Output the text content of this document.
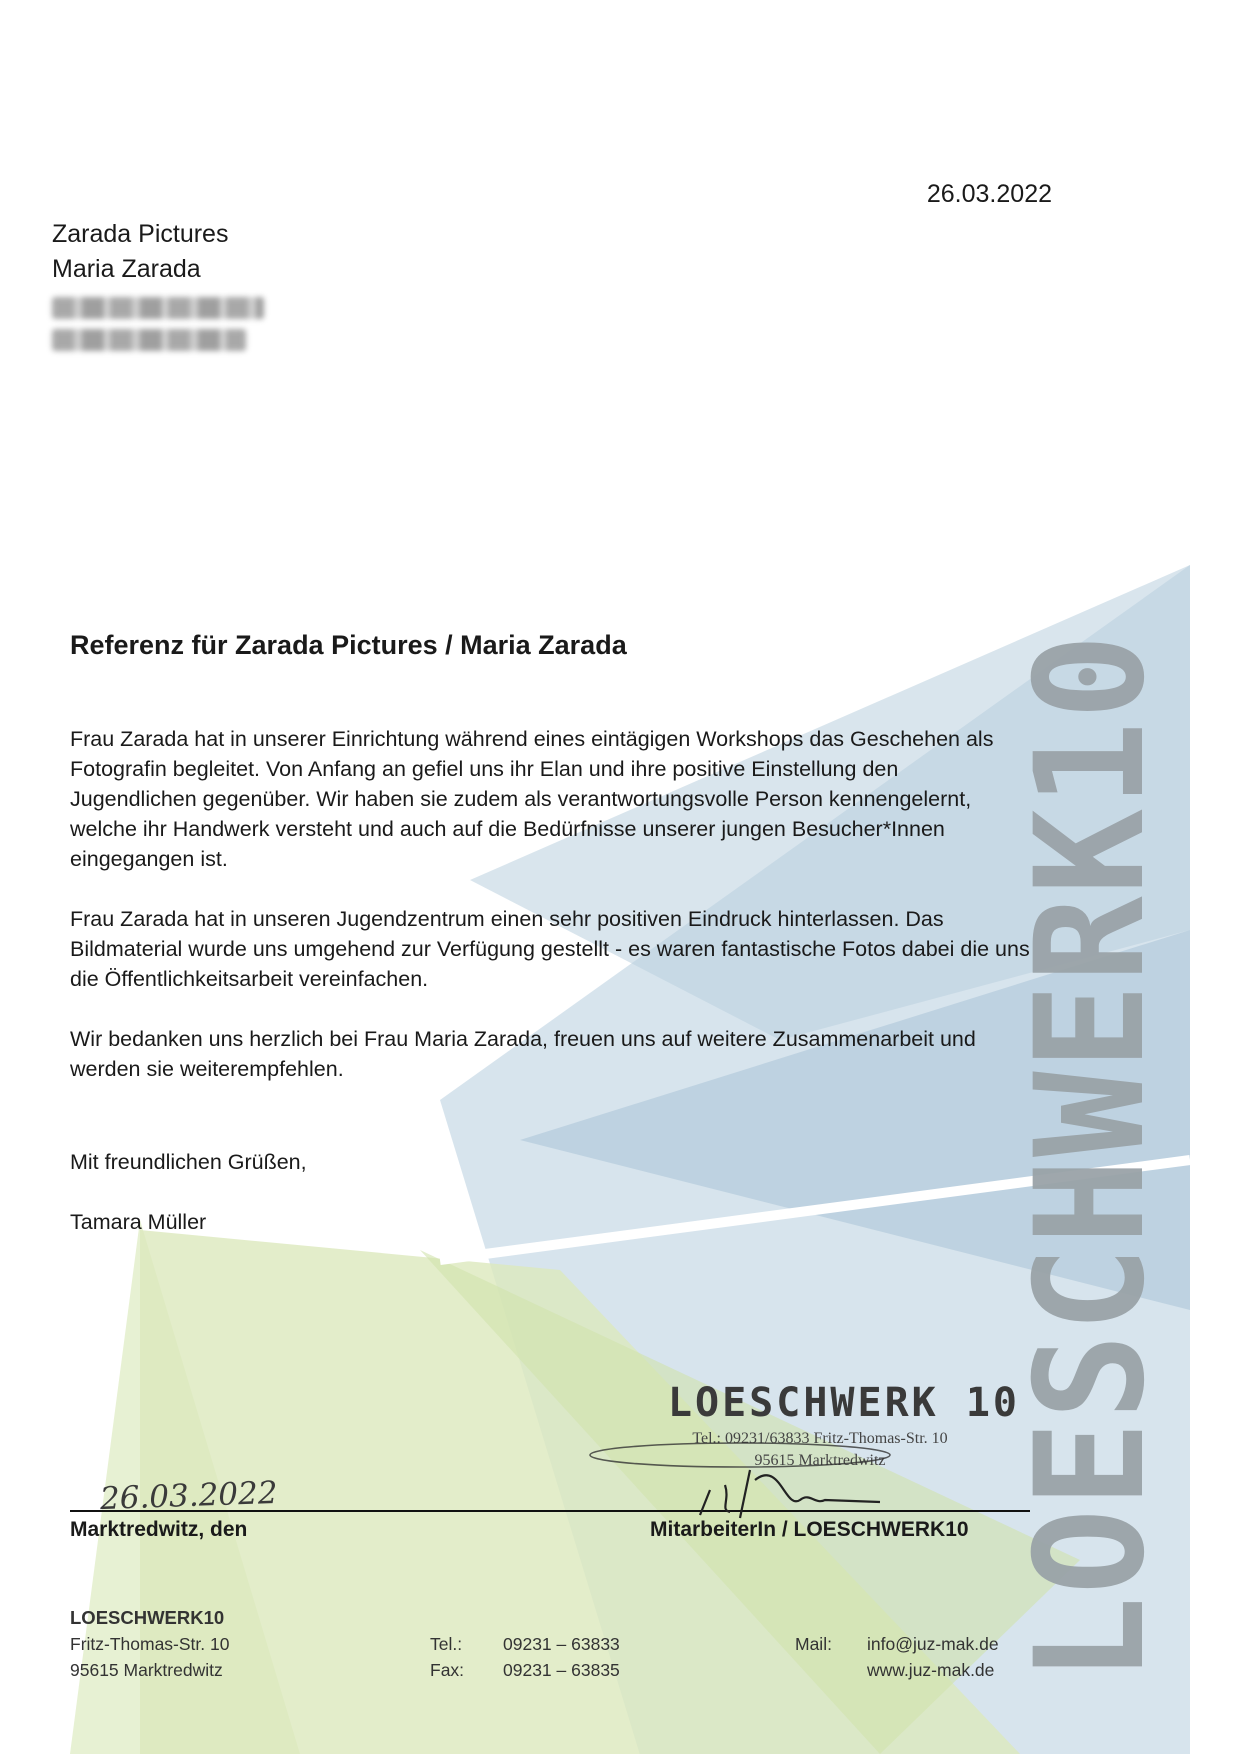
LOESCHWERK10
26.03.2022
Zarada Pictures
Maria Zarada
Referenz für Zarada Pictures / Maria Zarada

Frau Zarada hat in unserer Einrichtung während eines eintägigen Workshops das Geschehen als Fotografin begleitet. Von Anfang an gefiel uns ihr Elan und ihre positive Einstellung den Jugendlichen gegenüber. Wir haben sie zudem als verantwortungsvolle Person kennengelernt, welche ihr Handwerk versteht und auch auf die Bedürfnisse unserer jungen Besucher*Innen eingegangen ist.

Frau Zarada hat in unseren Jugendzentrum einen sehr positiven Eindruck hinterlassen. Das Bildmaterial wurde uns umgehend zur Verfügung gestellt - es waren fantastische Fotos dabei die uns die Öffentlichkeitsarbeit vereinfachen.

Wir bedanken uns herzlich bei Frau Maria Zarada, freuen uns auf weitere Zusammenarbeit und werden sie weiterempfehlen.

Mit freundlichen Grüßen,
Tamara Müller
LOESCHWERK 10
Tel.: 09231/63833 Fritz-Thomas-Str. 10
95615 Marktredwitz
26.03.2022
Marktredwitz, den	MitarbeiterIn / LOESCHWERK10
LOESCHWERK10
Fritz-Thomas-Str. 10
95615 Marktredwitz
Tel.:
Fax:
09231 – 63833
09231 – 63835
Mail: info@juz-mak.de
www.juz-mak.de
